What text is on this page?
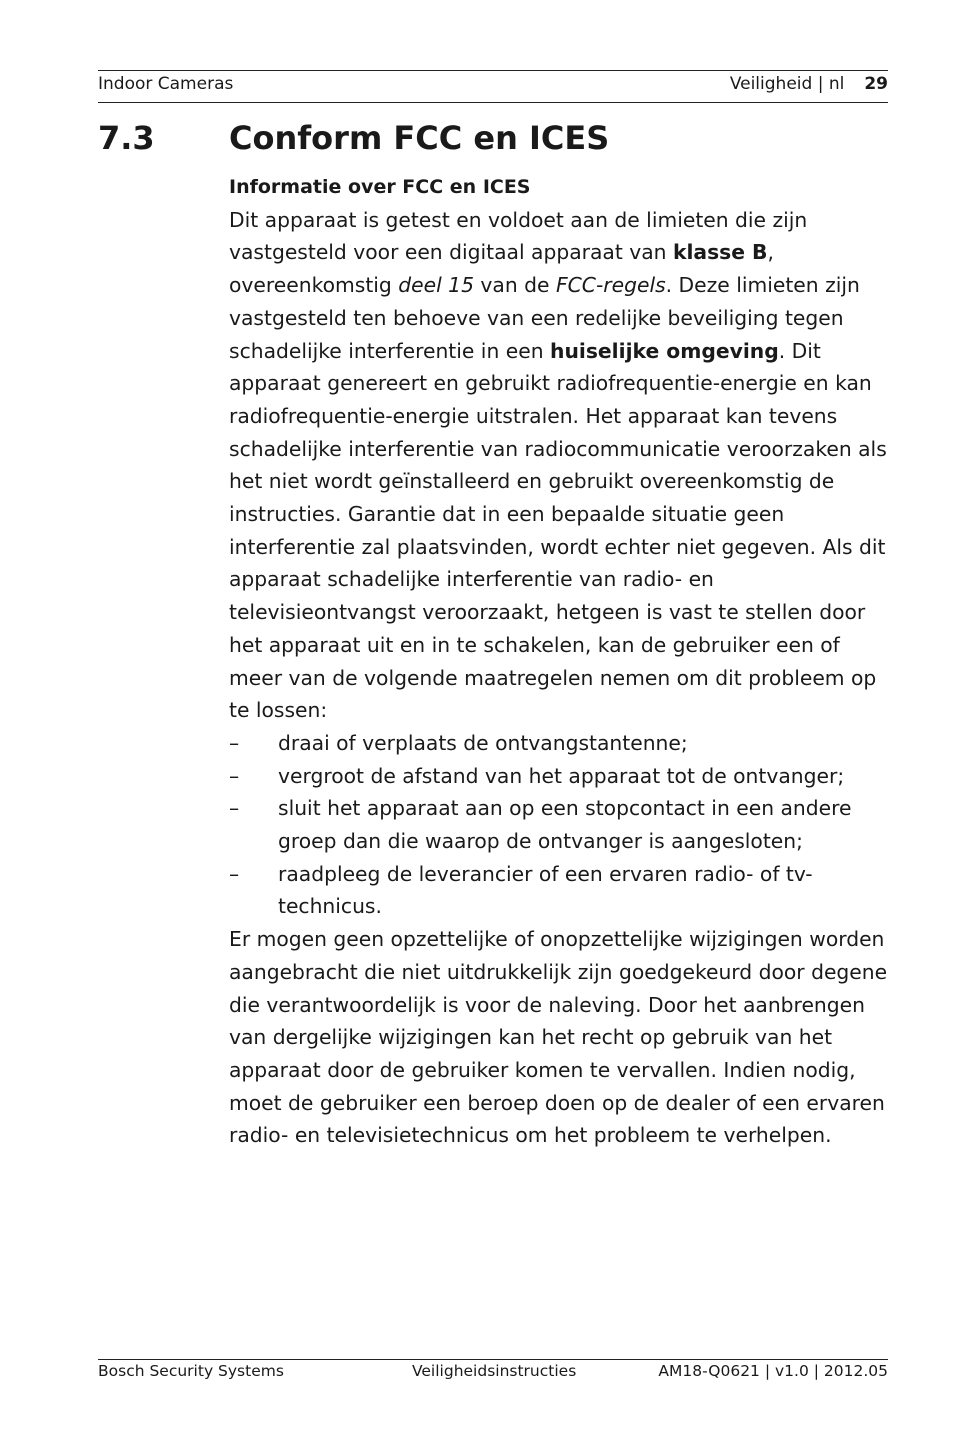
Indoor Cameras	Veiligheid | nl 29
7.3 Conform FCC en ICES

Informatie over FCC en ICES

Dit apparaat is getest en voldoet aan de limieten die zijn vastgesteld voor een digitaal apparaat van klasse B, overeenkomstig deel 15 van de FCC-regels. Deze limieten zijn vastgesteld ten behoeve van een redelijke beveiliging tegen schadelijke interferentie in een huiselijke omgeving. Dit apparaat genereert en gebruikt radiofrequentie-energie en kan radiofrequentie-energie uitstralen. Het apparaat kan tevens schadelijke interferentie van radiocommunicatie veroorzaken als het niet wordt geïnstalleerd en gebruikt overeenkomstig de instructies. Garantie dat in een bepaalde situatie geen interferentie zal plaatsvinden, wordt echter niet gegeven. Als dit apparaat schadelijke interferentie van radio- en televisieontvangst veroorzaakt, hetgeen is vast te stellen door het apparaat uit en in te schakelen, kan de gebruiker een of meer van de volgende maatregelen nemen om dit probleem op te lossen:

– draai of verplaats de ontvangstantenne;
– vergroot de afstand van het apparaat tot de ontvanger;
– sluit het apparaat aan op een stopcontact in een andere groep dan die waarop de ontvanger is aangesloten;
– raadpleeg de leverancier of een ervaren radio- of tv-technicus.

Er mogen geen opzettelijke of onopzettelijke wijzigingen worden aangebracht die niet uitdrukkelijk zijn goedgekeurd door degene die verantwoordelijk is voor de naleving. Door het aanbrengen van dergelijke wijzigingen kan het recht op gebruik van het apparaat door de gebruiker komen te vervallen. Indien nodig, moet de gebruiker een beroep doen op de dealer of een ervaren radio- en televisietechnicus om het probleem te verhelpen.

Bosch Security Systems	Veiligheidsinstructies	AM18-Q0621 | v1.0 | 2012.05
